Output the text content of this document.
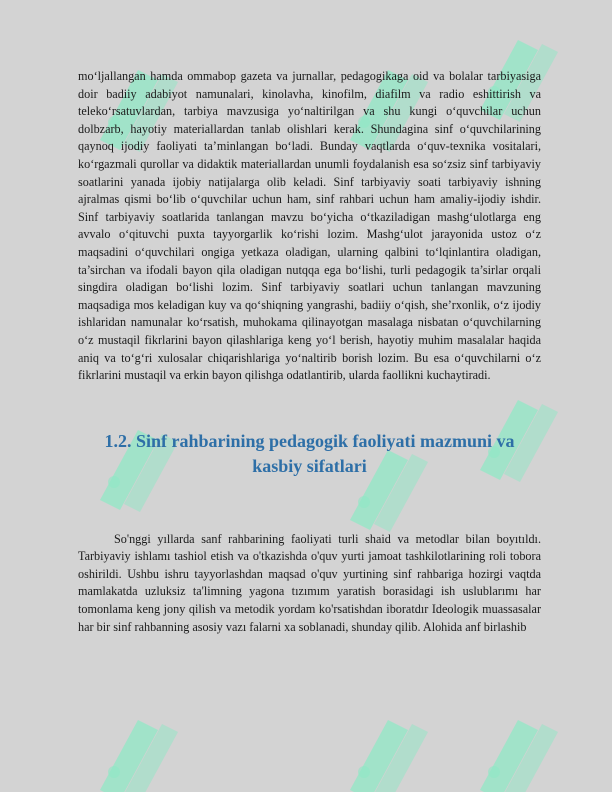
mo‘ljallangan hamda ommabop gazeta va jurnallar, pedagogikaga oid va bolalar tarbiyasiga doir badiiy adabiyot namunalari, kinolavha, kinofilm, diafilm va radio eshittirish va teleko‘rsatuvlardan, tarbiya mavzusiga yo‘naltirilgan va shu kungi o‘quvchilar uchun dolbzarb, hayotiy materiallardan tanlab olishlari kerak. Shundagina sinf o‘quvchilarining qaynoq ijodiy faoliyati ta’minlangan bo‘ladi. Bunday vaqtlarda o‘quv-texnika vositalari, ko‘rgazmali qurollar va didaktik materiallardan unumli foydalanish esa so‘zsiz sinf tarbiyaviy soatlarini yanada ijobiy natijalarga olib keladi. Sinf tarbiyaviy soati tarbiyaviy ishning ajralmas qismi bo‘lib o‘quvchilar uchun ham, sinf rahbari uchun ham amaliy-ijodiy ishdir. Sinf tarbiyaviy soatlarida tanlangan mavzu bo‘yicha o‘tkaziladigan mashg‘ulotlarga eng avvalo o‘qituvchi puxta tayyorgarlik ko‘rishi lozim. Mashg‘ulot jarayonida ustoz o‘z maqsadini o‘quvchilari ongiga yetkaza oladigan, ularning qalbini to‘lqinlantira oladigan, ta’sirchan va ifodali bayon qila oladigan nutqqa ega bo‘lishi, turli pedagogik ta’sirlar orqali singdira oladigan bo‘lishi lozim. Sinf tarbiyaviy soatlari uchun tanlangan mavzuning maqsadiga mos keladigan kuy va qo‘shiqning yangrashi, badiiy o‘qish, she’rxonlik, o‘z ijodiy ishlaridan namunalar ko‘rsatish, muhokama qilinayotgan masalaga nisbatan o‘quvchilarning o‘z mustaqil fikrlarini bayon qilashlariga keng yo‘l berish, hayotiy muhim masalalar haqida aniq va to‘g‘ri xulosalar chiqarishlariga yo‘naltirib borish lozim. Bu esa o‘quvchilarni o‘z fikrlarini mustaqil va erkin bayon qilishga odatlantirib, ularda faollikni kuchaytiradi.

1.2. Sinf rahbarining pedagogik faoliyati mazmuni va kasbiy sifatlari

So'nggi yıllarda sanf rahbarining faoliyati turli shaid va metodlar bilan boyıtıldı. Tarbiyaviy ishlamı tashiol etish va o'tkazishda o'quv yurti jamoat tashkilotlarining roli tobora oshirildi. Ushbu ishru tayyorlashdan maqsad o'quv yurtining sinf rahbariga hozirgi vaqtda mamlakatda uzluksiz ta'limning yagona tızımım yaratish borasidagi ish uslublarımı har tomonlama keng jony qilish va metodik yordam ko'rsatishdan iboratdır Ideologik muassasalar har bir sinf rahbanning asosiy vazı falarni xa soblanadi, shunday qilib. Alohida anf birlashib
